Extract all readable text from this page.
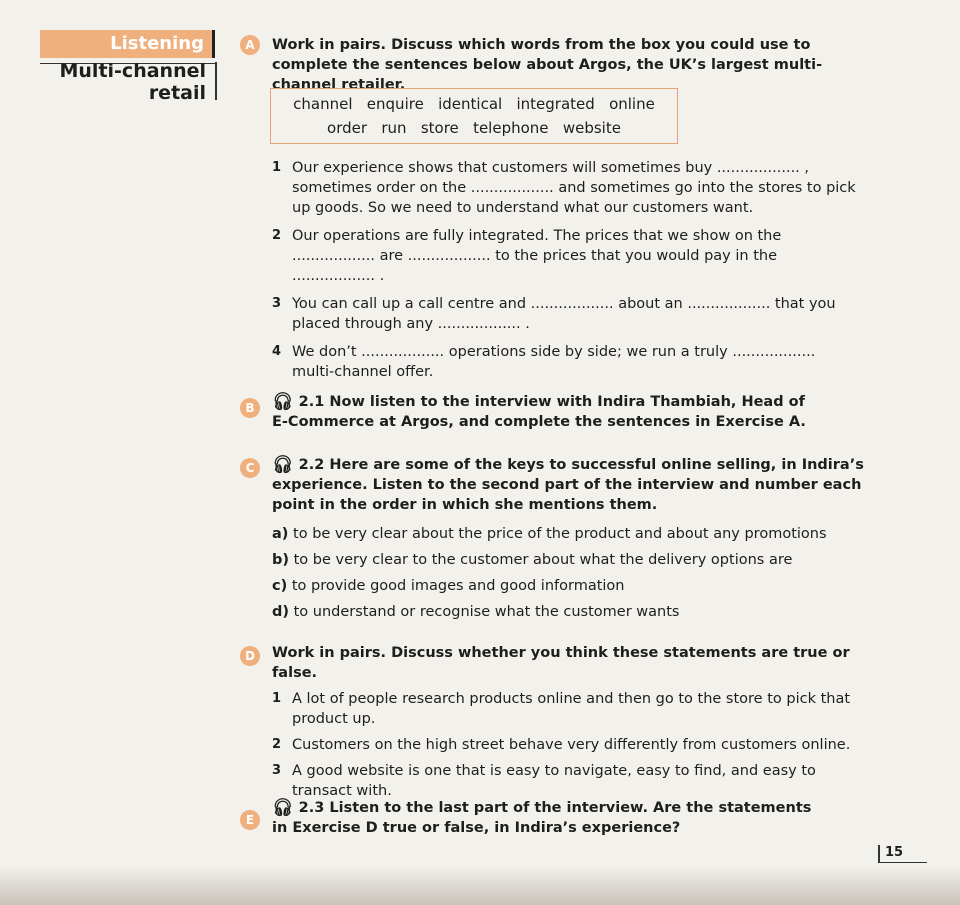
Listening
Multi-channel
retail
A	Work in pairs. Discuss which words from the box you could use to complete the sentences below about Argos, the UK’s largest multi-channel retailer.
channel   enquire   identical   integrated   online
order   run   store   telephone   website
1 Our experience shows that customers will sometimes buy .................. , sometimes order on the .................. and sometimes go into the stores to pick up goods. So we need to understand what our customers want.
2 Our operations are fully integrated. The prices that we show on the .................. are .................. to the prices that you would pay in the .................. .
3 You can call up a call centre and .................. about an .................. that you placed through any .................. .
4 We don’t .................. operations side by side; we run a truly .................. multi-channel offer.
B	🎧︎ 2.1 Now listen to the interview with Indira Thambiah, Head of E-Commerce at Argos, and complete the sentences in Exercise A.
C	🎧︎ 2.2 Here are some of the keys to successful online selling, in Indira’s experience. Listen to the second part of the interview and number each point in the order in which she mentions them.
a) to be very clear about the price of the product and about any promotions
b) to be very clear to the customer about what the delivery options are
c) to provide good images and good information
d) to understand or recognise what the customer wants
D	Work in pairs. Discuss whether you think these statements are true or false.
1 A lot of people research products online and then go to the store to pick that product up.
2 Customers on the high street behave very differently from customers online.
3 A good website is one that is easy to navigate, easy to find, and easy to transact with.
E
🎧︎ 2.3 Listen to the last part of the interview. Are the statements in Exercise D true or false, in Indira’s experience?
15
